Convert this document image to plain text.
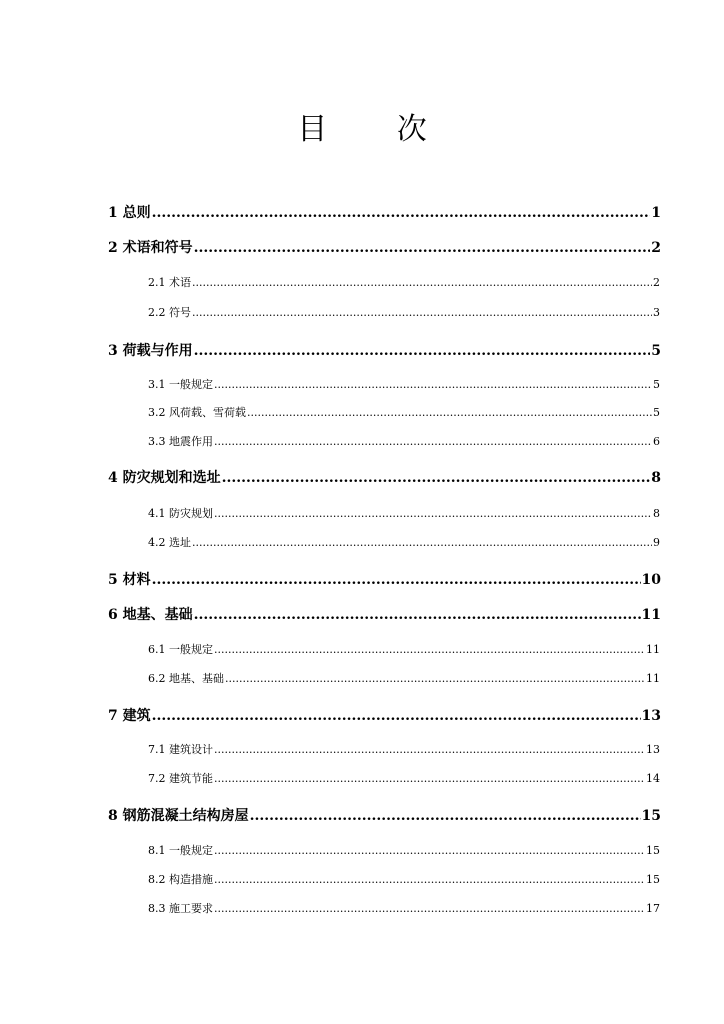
目 次
1 总则 .....	1
2 术语和符号 .....	2
2.1 术语 .....	2
2.2 符号 .....	3
3 荷载与作用 .....	5
3.1 一般规定 .....	5
3.2 风荷载、雪荷载 .....	5
3.3 地震作用 .....	6
4 防灾规划和选址 .....	8
4.1 防灾规划 .....	8
4.2 选址 .....	9
5 材料 .....	10
6 地基、基础 .....	11
6.1 一般规定 .....	11
6.2 地基、基础 .....	11
7 建筑 .....	13
7.1 建筑设计 .....	13
7.2 建筑节能 .....	14
8 钢筋混凝土结构房屋 .....	15
8.1 一般规定 .....	15
8.2 构造措施 .....	15
8.3 施工要求 .....	17
